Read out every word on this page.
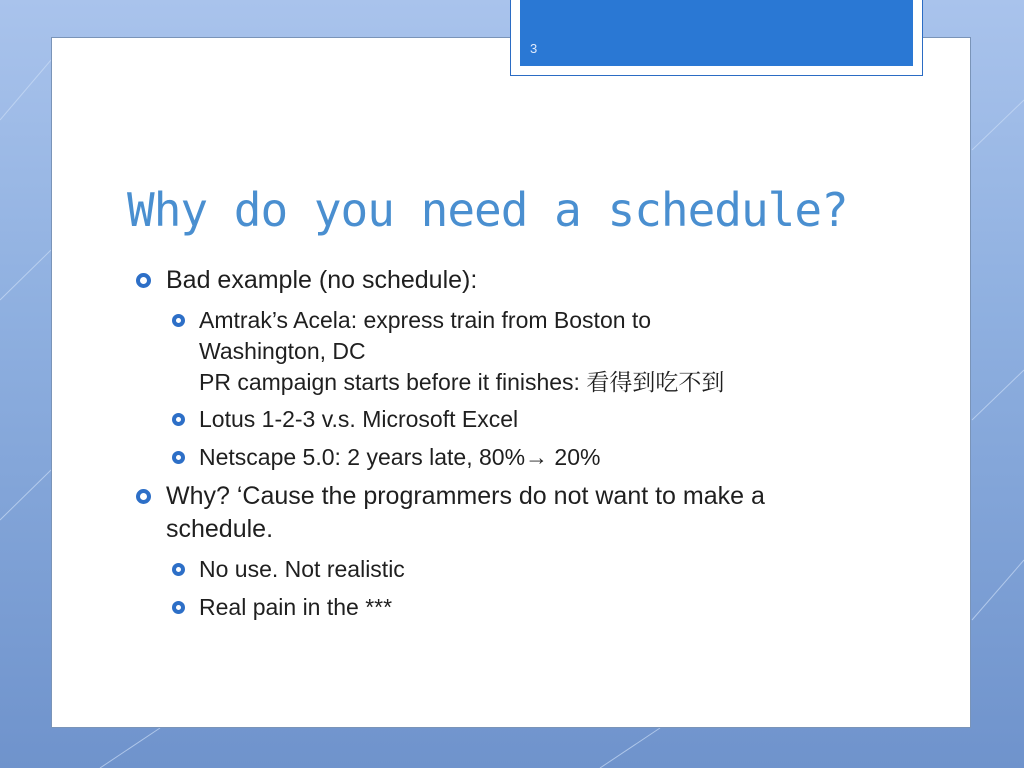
3
Why do you need a schedule?
Bad example (no schedule):
Amtrak’s Acela: express train from Boston to
Washington, DC
PR campaign starts before it finishes: 看得到吃不到
Lotus 1-2-3 v.s. Microsoft Excel
Netscape 5.0: 2 years late, 80%→ 20%
Why? ‘Cause the programmers do not want to make a
schedule.
No use. Not realistic
Real pain in the ***
